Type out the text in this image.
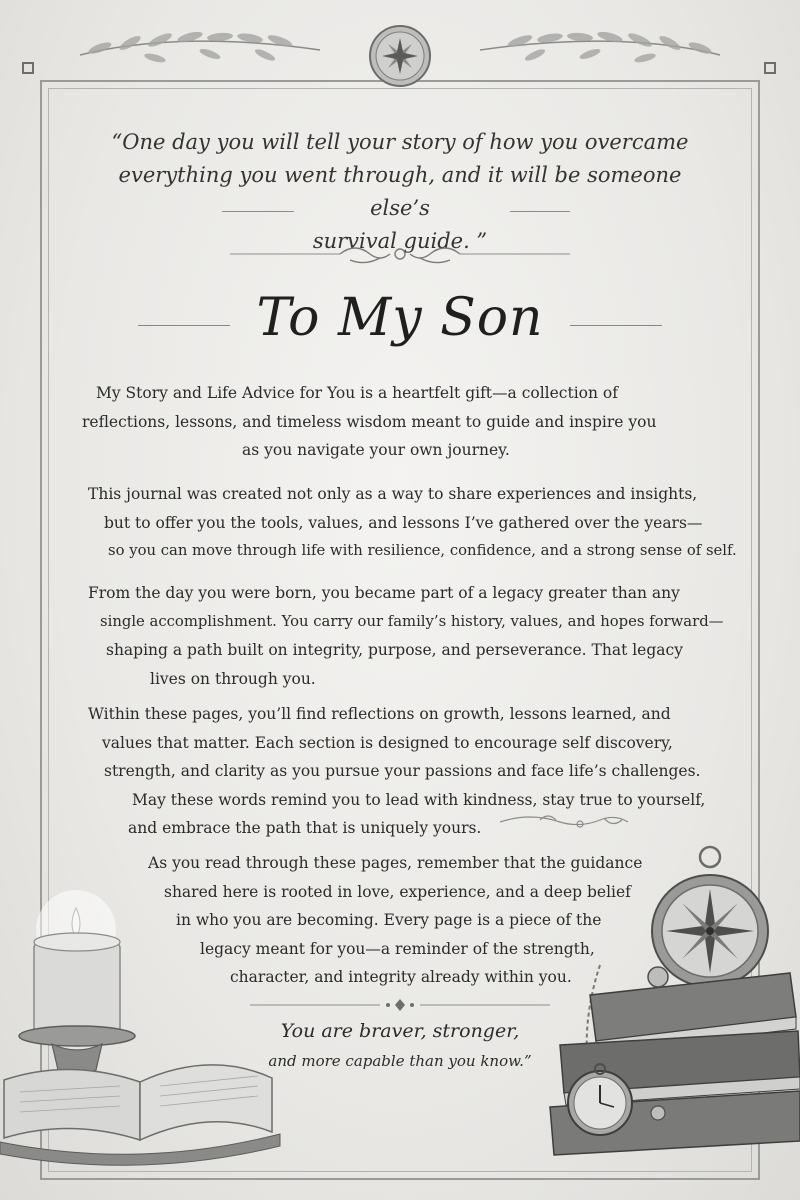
“One day you will tell your story of how you overcame
everything you went through, and it will be someone else’s
survival guide. ”
To My Son
My Story and Life Advice for You is a heartfelt gift—a collection of
reflections, lessons, and timeless wisdom meant to guide and inspire you
as you navigate your own journey.
This journal was created not only as a way to share experiences and insights,
but to offer you the tools, values, and lessons I’ve gathered over the years—
so you can move through life with resilience, confidence, and a strong sense of self.
From the day you were born, you became part of a legacy greater than any
single accomplishment. You carry our family’s history, values, and hopes forward—
shaping a path built on integrity, purpose, and perseverance. That legacy
lives on through you.
Within these pages, you’ll find reflections on growth, lessons learned, and
values that matter. Each section is designed to encourage self discovery,
strength, and clarity as you pursue your passions and face life’s challenges.
May these words remind you to lead with kindness, stay true to yourself,
and embrace the path that is uniquely yours.
As you read through these pages, remember that the guidance
shared here is rooted in love, experience, and a deep belief
in who you are becoming. Every page is a piece of the
legacy meant for you—a reminder of the strength,
character, and integrity already within you.
You are braver, stronger,
and more capable than you know.”
